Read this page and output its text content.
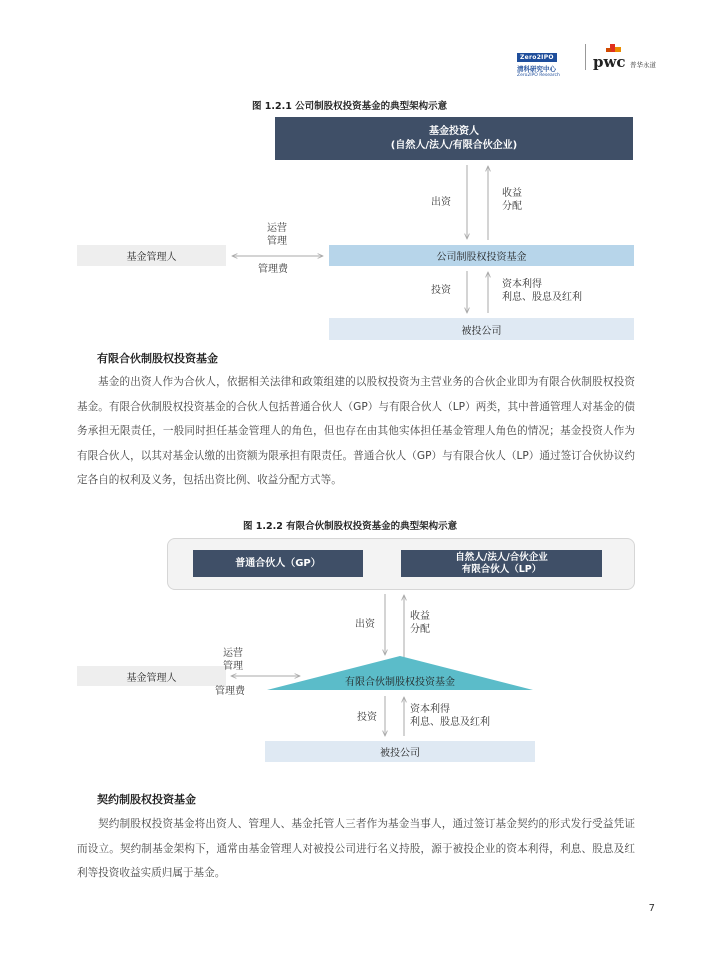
Zero2IPO
清科研究中心
Zero2IPO Research
pwc 普华永道
图 1.2.1 公司制股权投资基金的典型架构示意
基金投资人
(自然人/法人/有限合伙企业)
公司制股权投资基金
基金管理人
被投公司
出资
收益
分配
运营
管理
管理费
投资
资本利得
利息、股息及红利
有限合伙制股权投资基金

基金的出资人作为合伙人，依据相关法律和政策组建的以股权投资为主营业务的合伙企业即为有限合伙制股权投资基金。有限合伙制股权投资基金的合伙人包括普通合伙人（GP）与有限合伙人（LP）两类，其中普通管理人对基金的债务承担无限责任，一般同时担任基金管理人的角色，但也存在由其他实体担任基金管理人角色的情况；基金投资人作为有限合伙人，以其对基金认缴的出资额为限承担有限责任。普通合伙人（GP）与有限合伙人（LP）通过签订合伙协议约定各自的权利及义务，包括出资比例、收益分配方式等。

图 1.2.2 有限合伙制股权投资基金的典型架构示意
普通合伙人（GP）
自然人/法人/合伙企业
有限合伙人（LP）
基金管理人
被投公司
出资
收益
分配
运营
管理
管理费
投资
资本利得
利息、股息及红利
契约制股权投资基金

契约制股权投资基金将出资人、管理人、基金托管人三者作为基金当事人，通过签订基金契约的形式发行受益凭证而设立。契约制基金架构下，通常由基金管理人对被投公司进行名义持股，源于被投企业的资本利得，利息、股息及红利等投资收益实质归属于基金。

7
有限合伙制股权投资基金
